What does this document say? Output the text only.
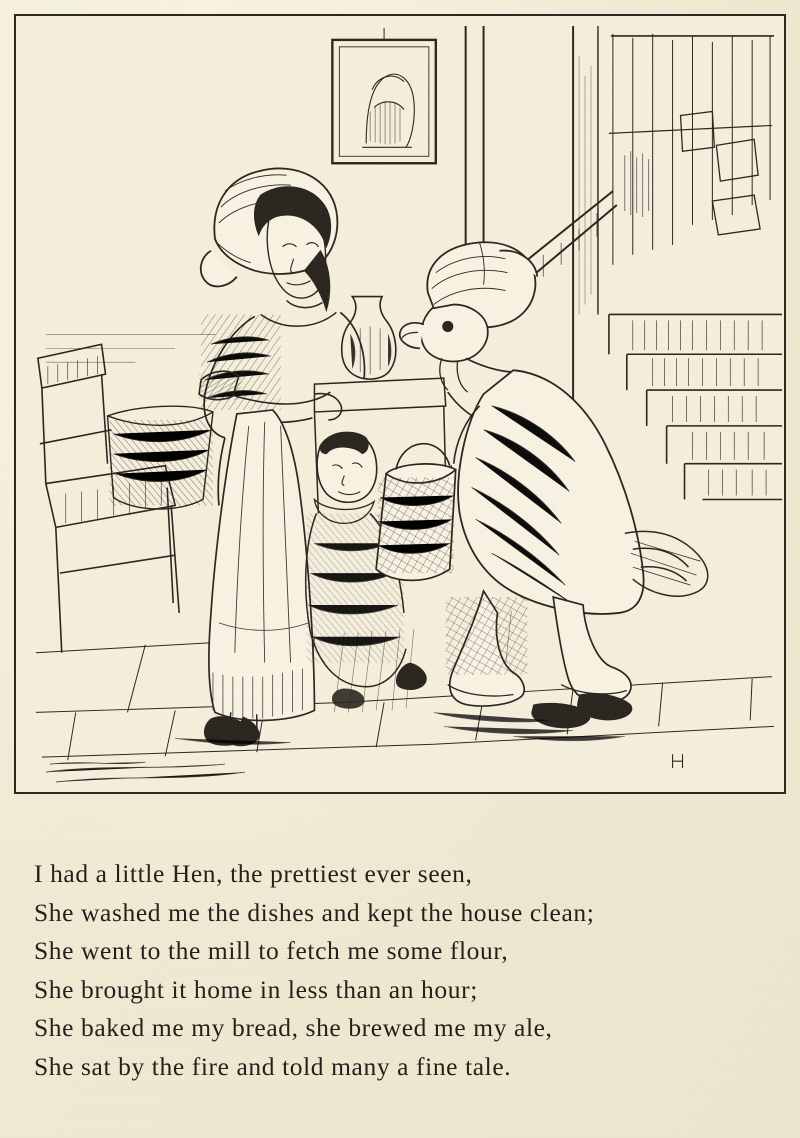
I had a little Hen, the prettiest ever seen,
She washed me the dishes and kept the house clean;
She went to the mill to fetch me some flour,
She brought it home in less than an hour;
She baked me my bread, she brewed me my ale,
She sat by the fire and told many a fine tale.
